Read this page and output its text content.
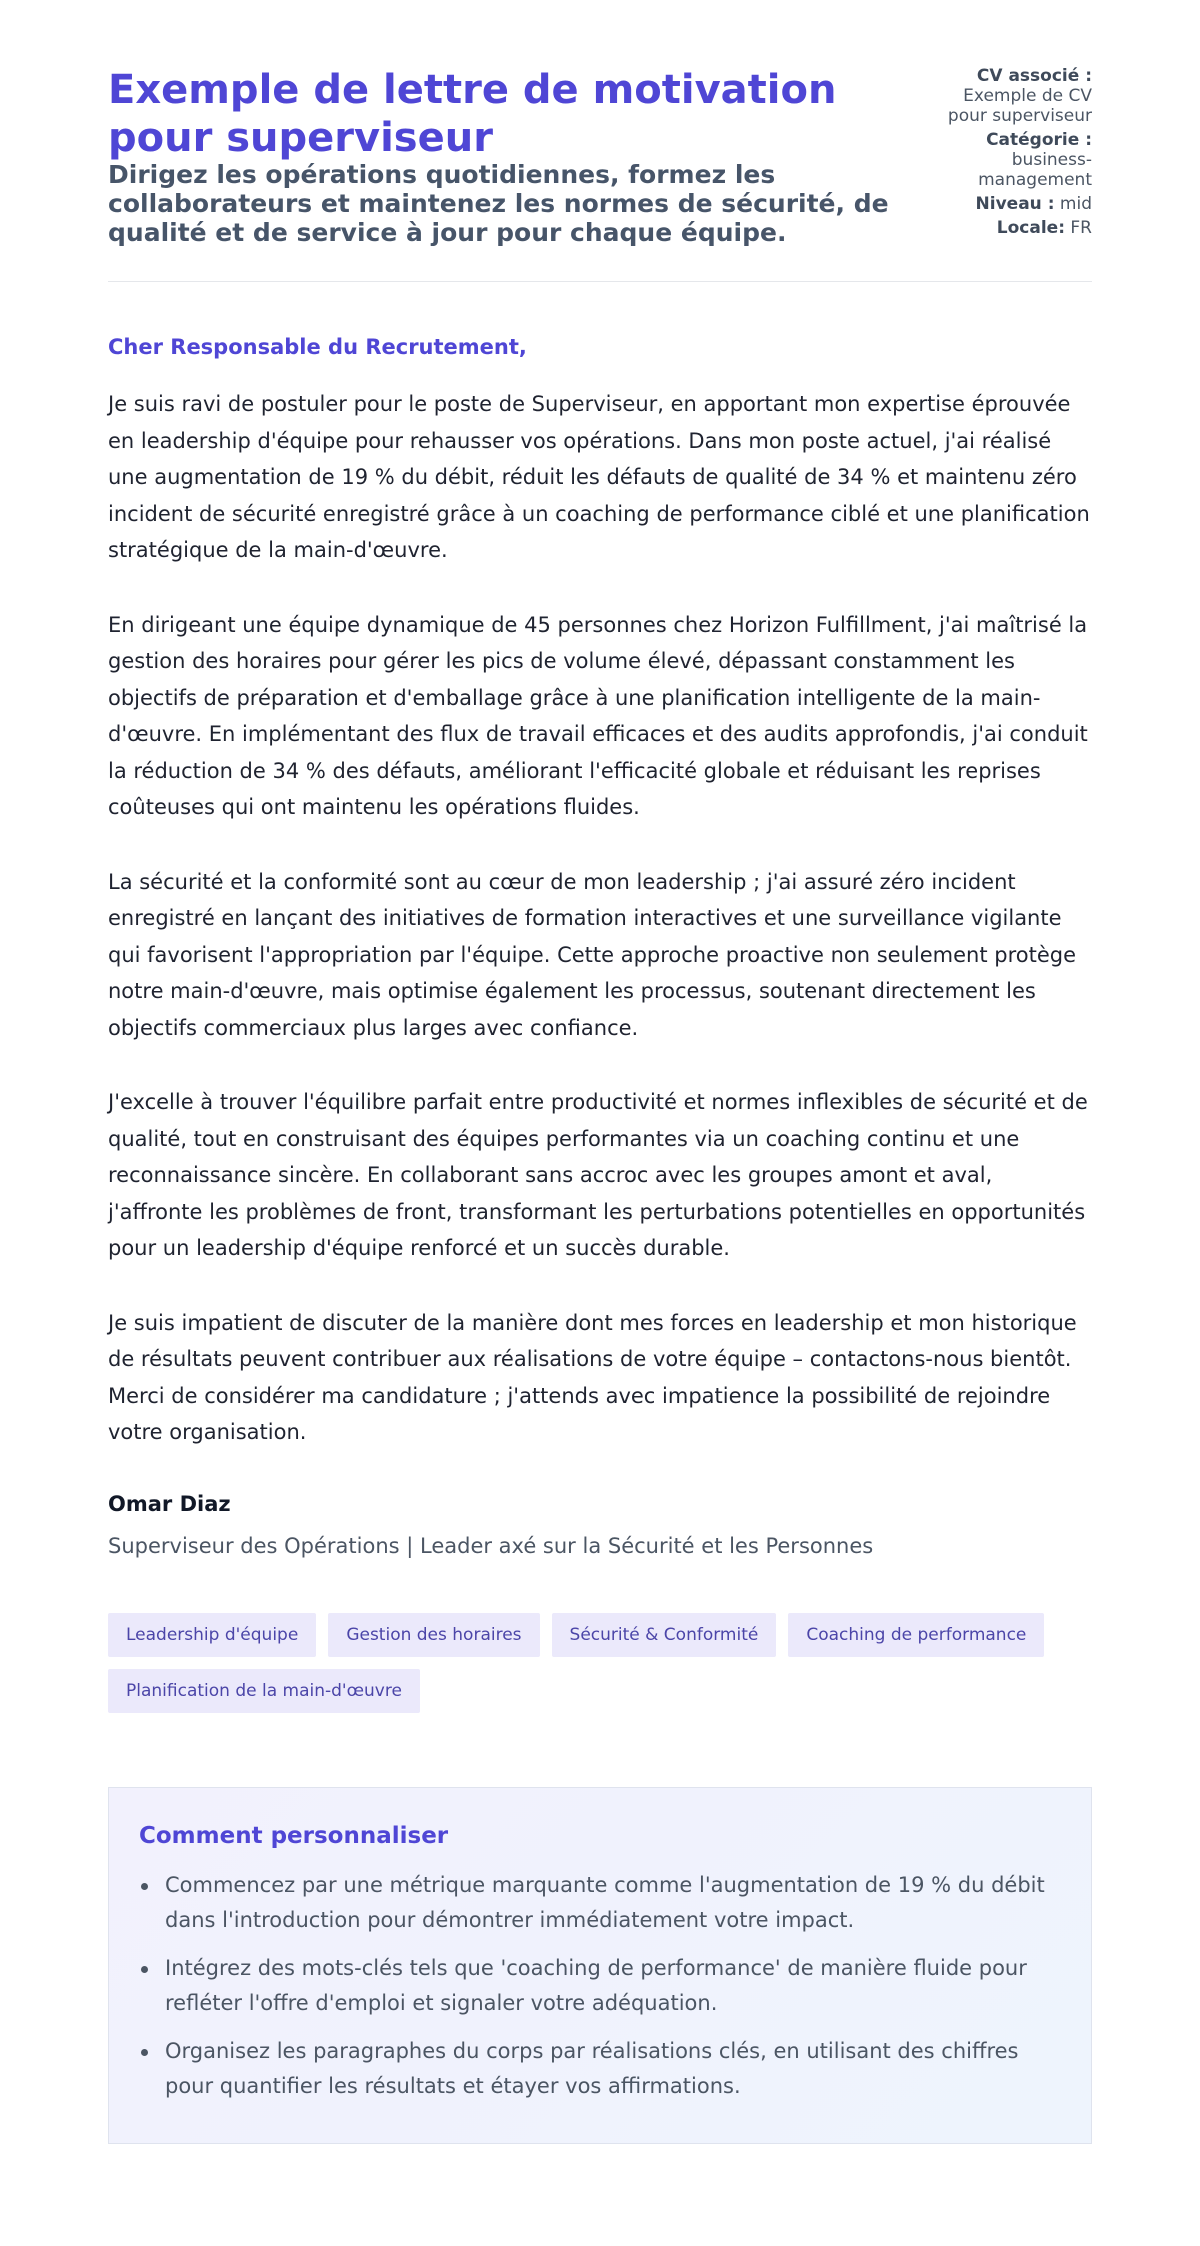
Exemple de lettre de motivation pour superviseur
Dirigez les opérations quotidiennes, formez les collaborateurs et maintenez les normes de sécurité, de qualité et de service à jour pour chaque équipe.
CV associé :
Exemple de CV pour superviseur
Catégorie :
business-management
Niveau : mid
Locale: FR
Cher Responsable du Recrutement,

Je suis ravi de postuler pour le poste de Superviseur, en apportant mon expertise éprouvée en leadership d'équipe pour rehausser vos opérations. Dans mon poste actuel, j'ai réalisé une augmentation de 19 % du débit, réduit les défauts de qualité de 34 % et maintenu zéro incident de sécurité enregistré grâce à un coaching de performance ciblé et une planification stratégique de la main-d'œuvre.

En dirigeant une équipe dynamique de 45 personnes chez Horizon Fulfillment, j'ai maîtrisé la gestion des horaires pour gérer les pics de volume élevé, dépassant constamment les objectifs de préparation et d'emballage grâce à une planification intelligente de la main-d'œuvre. En implémentant des flux de travail efficaces et des audits approfondis, j'ai conduit la réduction de 34 % des défauts, améliorant l'efficacité globale et réduisant les reprises coûteuses qui ont maintenu les opérations fluides.

La sécurité et la conformité sont au cœur de mon leadership ; j'ai assuré zéro incident enregistré en lançant des initiatives de formation interactives et une surveillance vigilante qui favorisent l'appropriation par l'équipe. Cette approche proactive non seulement protège notre main-d'œuvre, mais optimise également les processus, soutenant directement les objectifs commerciaux plus larges avec confiance.

J'excelle à trouver l'équilibre parfait entre productivité et normes inflexibles de sécurité et de qualité, tout en construisant des équipes performantes via un coaching continu et une reconnaissance sincère. En collaborant sans accroc avec les groupes amont et aval, j'affronte les problèmes de front, transformant les perturbations potentielles en opportunités pour un leadership d'équipe renforcé et un succès durable.

Je suis impatient de discuter de la manière dont mes forces en leadership et mon historique de résultats peuvent contribuer aux réalisations de votre équipe – contactons-nous bientôt. Merci de considérer ma candidature ; j'attends avec impatience la possibilité de rejoindre votre organisation.

Omar Diaz
Superviseur des Opérations | Leader axé sur la Sécurité et les Personnes
Leadership d'équipe	Gestion des horaires	Sécurité & Conformité	Coaching de performance
Planification de la main-d'œuvre
Comment personnaliser
Commencez par une métrique marquante comme l'augmentation de 19 % du débit dans l'introduction pour démontrer immédiatement votre impact.
Intégrez des mots-clés tels que 'coaching de performance' de manière fluide pour refléter l'offre d'emploi et signaler votre adéquation.
Organisez les paragraphes du corps par réalisations clés, en utilisant des chiffres pour quantifier les résultats et étayer vos affirmations.
